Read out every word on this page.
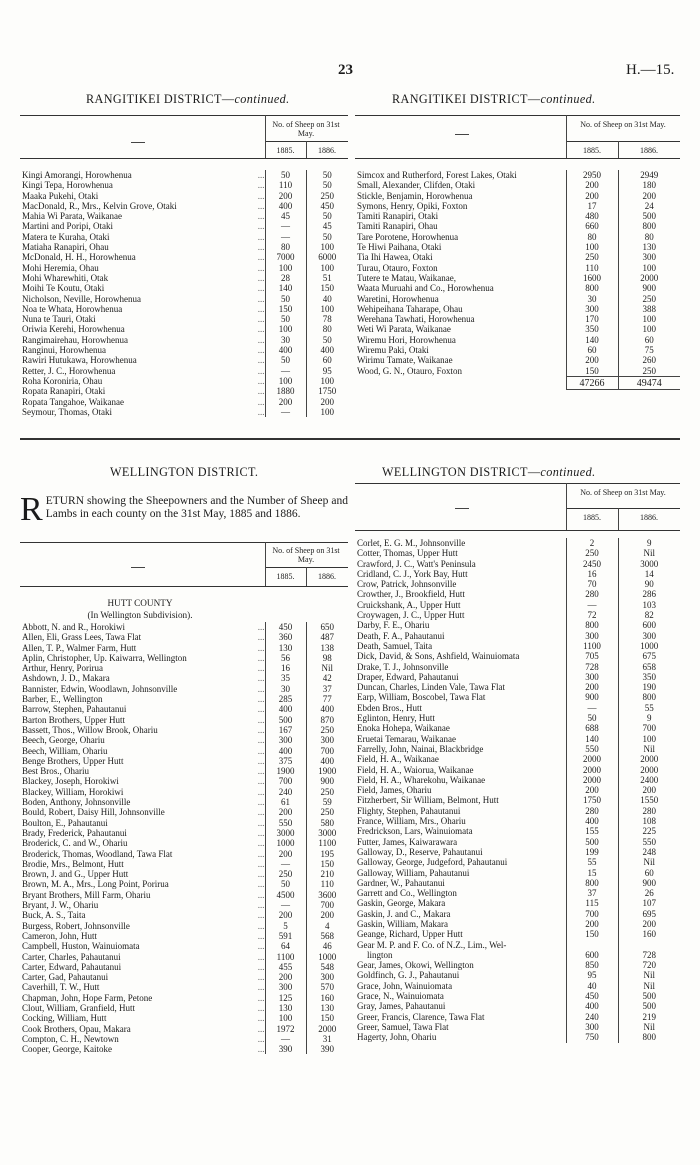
23	H.—15.
RANGITIKEI DISTRICT—continued.
No. of Sheep on 31st May.
1885.	1886.
Kingi Amorangi, Horowhenua	...	50	50
Kingi Tepa, Horowhenua	...	110	50
Maaka Pukehi, Otaki	...	200	250
MacDonald, R., Mrs., Kelvin Grove, Otaki	...	400	450
Mahia Wi Parata, Waikanae	...	45	50
Martini and Poripi, Otaki	...	—	45
Matera te Kuraha, Otaki	...	—	50
Matiaha Ranapiri, Ohau	...	80	100
McDonald, H. H., Horowhenua	...	7000	6000
Mohi Heremia, Ohau	...	100	100
Mohi Wharewhiti, Otak	...	28	51
Moihi Te Koutu, Otaki	...	140	150
Nicholson, Neville, Horowhenua	...	50	40
Noa te Whata, Horowhenua	...	150	100
Nuna te Tauri, Otaki	...	50	78
Oriwia Kerehi, Horowhenua	...	100	80
Rangimairehau, Horowhenua	...	30	50
Ranginui, Horowhenua	...	400	400
Rawiri Hutukawa, Horowhenua	...	50	60
Retter, J. C., Horowhenua	...	—	95
Roha Koroniria, Ohau	...	100	100
Ropata Ranapiri, Otaki	...	1880	1750
Ropata Tangahoe, Waikanae	...	200	200
Seymour, Thomas, Otaki	...	—	100
RANGITIKEI DISTRICT—continued.
No. of Sheep on 31st May.
1885.	1886.
Simcox and Rutherford, Forest Lakes, Otaki		2950	2949
Small, Alexander, Clifden, Otaki		200	180
Stickle, Benjamin, Horowhenua		200	200
Symons, Henry, Opiki, Foxton		17	24
Tamiti Ranapiri, Otaki		480	500
Tamiti Ranapiri, Ohau		660	800
Tare Porotene, Horowhenua		80	80
Te Hiwi Paihana, Otaki		100	130
Tia Ihi Hawea, Otaki		250	300
Turau, Otauro, Foxton		110	100
Tutere te Matau, Waikanae,		1600	2000
Waata Muruahi and Co., Horowhenua		800	900
Waretini, Horowhenua		30	250
Wehipeihana Taharape, Ohau		300	388
Werehana Tawhati, Horowhenua		170	100
Weti Wi Parata, Waikanae		350	100
Wiremu Hori, Horowhenua		140	60
Wiremu Paki, Otaki		60	75
Wirimu Tamate, Waikanae		200	260
Wood, G. N., Otauro, Foxton		150	250
		47266	49474
WELLINGTON DISTRICT.
RETURN showing the Sheepowners and the Number of Sheep and Lambs in each county on the 31st May, 1885 and 1886.
No. of Sheep on 31st May.
1885.	1886.
HUTT COUNTY
(In Wellington Subdivision).
Abbott, N. and R., Horokiwi	...	450	650
Allen, Eli, Grass Lees, Tawa Flat	...	360	487
Allen, T. P., Walmer Farm, Hutt	...	130	138
Aplin, Christopher, Up. Kaiwarra, Wellington	...	56	98
Arthur, Henry, Porirua	...	16	Nil
Ashdown, J. D., Makara	...	35	42
Bannister, Edwin, Woodlawn, Johnsonville	...	30	37
Barber, E., Wellington	...	285	77
Barrow, Stephen, Pahautanui	...	400	400
Barton Brothers, Upper Hutt	...	500	870
Bassett, Thos., Willow Brook, Ohariu	...	167	250
Beech, George, Ohariu	...	300	300
Beech, William, Ohariu	...	400	700
Benge Brothers, Upper Hutt	...	375	400
Best Bros., Ohariu	...	1900	1900
Blackey, Joseph, Horokiwi	...	700	900
Blackey, William, Horokiwi	...	240	250
Boden, Anthony, Johnsonville	...	61	59
Bould, Robert, Daisy Hill, Johnsonville	...	200	250
Boulton, E., Pahautanui	...	550	580
Brady, Frederick, Pahautanui	...	3000	3000
Broderick, C. and W., Ohariu	...	1000	1100
Broderick, Thomas, Woodland, Tawa Flat	...	200	195
Brodie, Mrs., Belmont, Hutt	...	—	150
Brown, J. and G., Upper Hutt	...	250	210
Brown, M. A., Mrs., Long Point, Porirua	...	50	110
Bryant Brothers, Mill Farm, Ohariu	...	4500	3600
Bryant, J. W., Ohariu	...	—	700
Buck, A. S., Taita	...	200	200
Burgess, Robert, Johnsonville	...	5	4
Cameron, John, Hutt	...	591	568
Campbell, Huston, Wainuiomata	...	64	46
Carter, Charles, Pahautanui	...	1100	1000
Carter, Edward, Pahautanui	...	455	548
Carter, Gad, Pahautanui	...	200	300
Caverhill, T. W., Hutt	...	300	570
Chapman, John, Hope Farm, Petone	...	125	160
Clout, William, Granfield, Hutt	...	130	130
Cocking, William, Hutt	...	100	150
Cook Brothers, Opau, Makara	...	1972	2000
Compton, C. H., Newtown	...	—	31
Cooper, George, Kaitoke	...	390	390
WELLINGTON DISTRICT—continued.
No. of Sheep on 31st May.
1885.	1886.
Corlet, E. G. M., Johnsonville		2	9
Cotter, Thomas, Upper Hutt		250	Nil
Crawford, J. C., Watt's Peninsula		2450	3000
Cridland, C. J., York Bay, Hutt		16	14
Crow, Patrick, Johnsonville		70	90
Crowther, J., Brookfield, Hutt		280	286
Cruickshank, A., Upper Hutt		—	103
Croywagen, J. C., Upper Hutt		72	82
Darby, F. E., Ohariu		800	600
Death, F. A., Pahautanui		300	300
Death, Samuel, Taita		1100	1000
Dick, David, & Sons, Ashfield, Wainuiomata		705	675
Drake, T. J., Johnsonville		728	658
Draper, Edward, Pahautanui		300	350
Duncan, Charles, Linden Vale, Tawa Flat		200	190
Earp, William, Boscobel, Tawa Flat		900	800
Ebden Bros., Hutt		—	55
Eglinton, Henry, Hutt		50	9
Enoka Hohepa, Waikanae		688	700
Eruetai Temarau, Waikanae		140	100
Farrelly, John, Nainai, Blackbridge		550	Nil
Field, H. A., Waikanae		2000	2000
Field, H. A., Waiorua, Waikanae		2000	2000
Field, H. A., Wharekohu, Waikanae		2000	2400
Field, James, Ohariu		200	200
Fitzherbert, Sir William, Belmont, Hutt		1750	1550
Flighty, Stephen, Pahautanui		280	280
France, William, Mrs., Ohariu		400	108
Fredrickson, Lars, Wainuiomata		155	225
Futter, James, Kaiwarawara		500	550
Galloway, D., Reserve, Pahautanui		199	248
Galloway, George, Judgeford, Pahautanui		55	Nil
Galloway, William, Pahautanui		15	60
Gardner, W., Pahautanui		800	900
Garrett and Co., Wellington		37	26
Gaskin, George, Makara		115	107
Gaskin, J. and C., Makara		700	695
Gaskin, William, Makara		200	200
Geange, Richard, Upper Hutt		150	160
Gear M. P. and F. Co. of N.Z., Lim., Wel-
lington		600	728
Gear, James, Okowi, Wellington		850	720
Goldfinch, G. J., Pahautanui		95	Nil
Grace, John, Wainuiomata		40	Nil
Grace, N., Wainuiomata		450	500
Gray, James, Pahautanui		400	500
Greer, Francis, Clarence, Tawa Flat		240	219
Greer, Samuel, Tawa Flat		300	Nil
Hagerty, John, Ohariu		750	800
